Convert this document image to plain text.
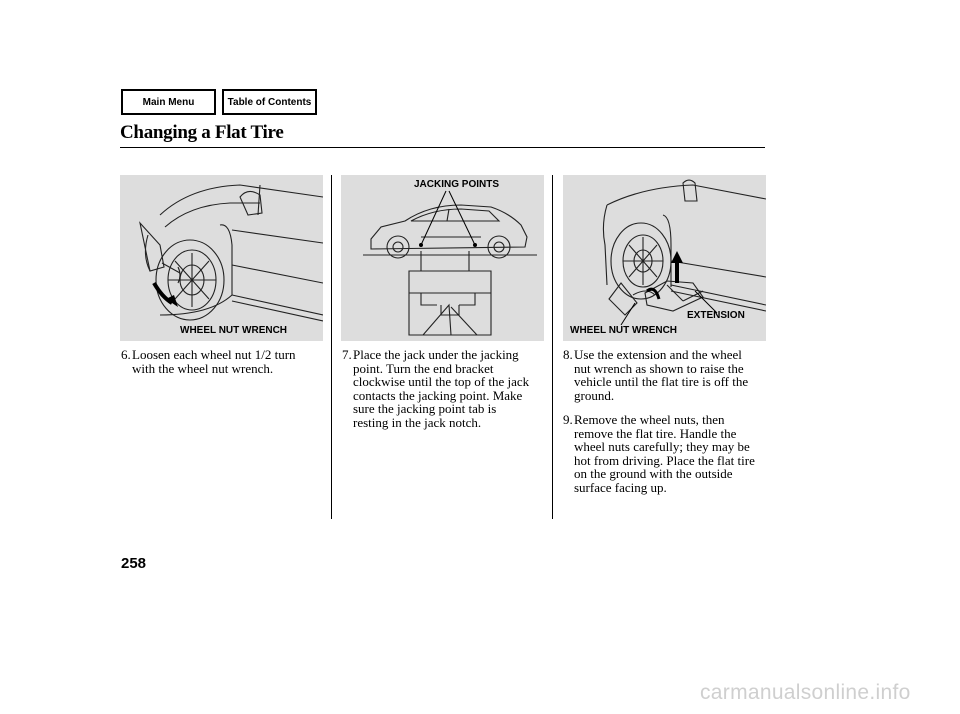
Main Menu	Table of Contents
Changing a Flat Tire
WHEEL NUT WRENCH
JACKING POINTS
EXTENSION
WHEEL NUT WRENCH
6. Loosen each wheel nut 1/2 turn
with the wheel nut wrench.
7. Place the jack under the jacking
point. Turn the end bracket
clockwise until the top of the jack
contacts the jacking point. Make
sure the jacking point tab is
resting in the jack notch.
8. Use the extension and the wheel
nut wrench as shown to raise the
vehicle until the flat tire is off the
ground.
9. Remove the wheel nuts, then
remove the flat tire. Handle the
wheel nuts carefully; they may be
hot from driving. Place the flat tire
on the ground with the outside
surface facing up.
258
carmanualsonline.info
